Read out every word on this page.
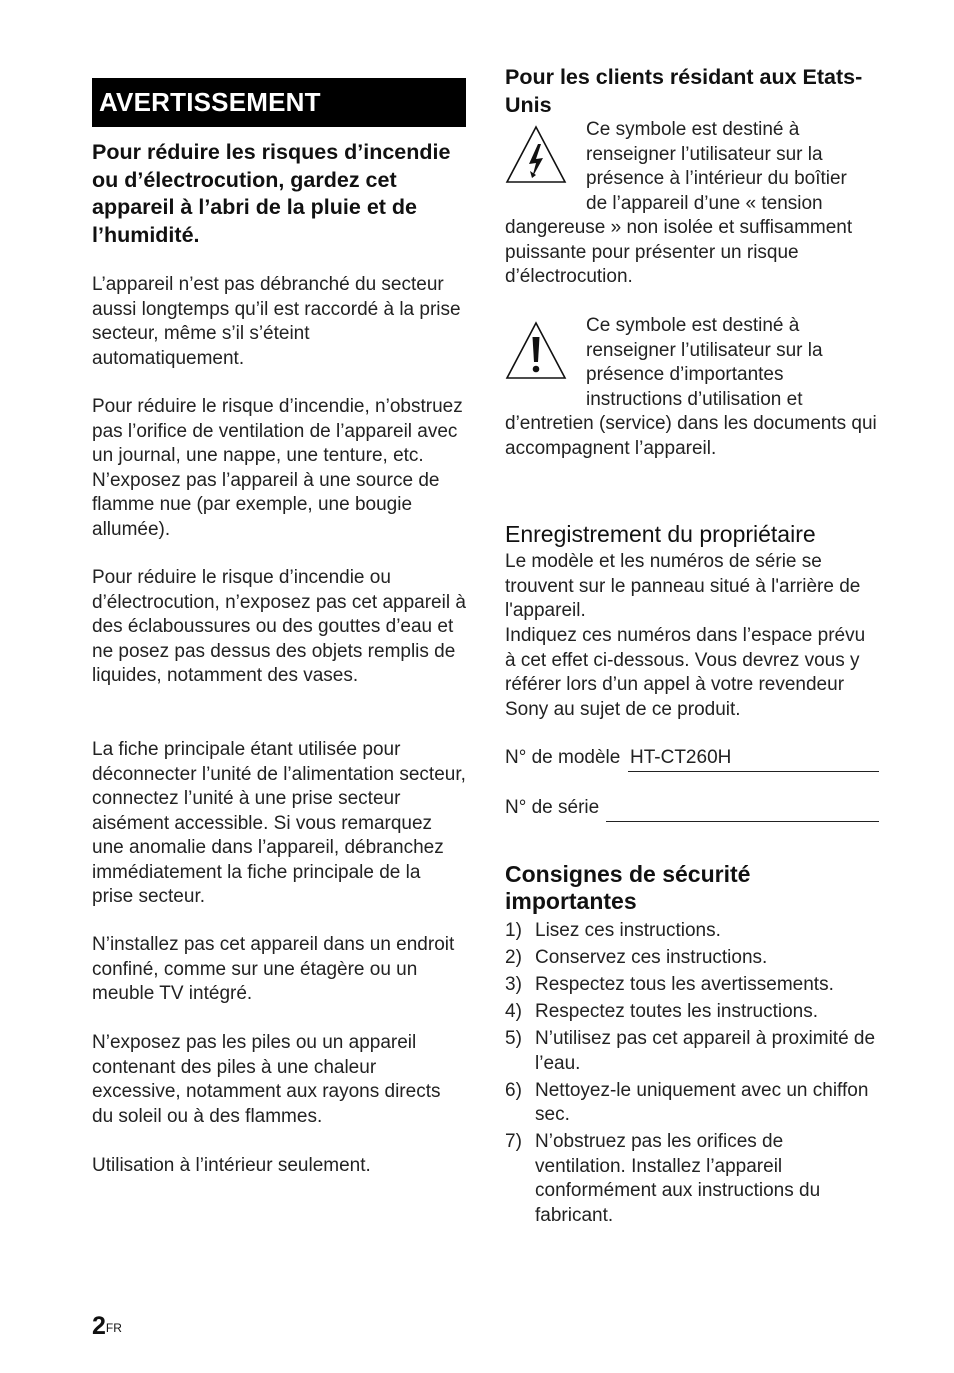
AVERTISSEMENT
Pour réduire les risques d’incendie ou d’électrocution, gardez cet appareil à l’abri de la pluie et de l’humidité.

L’appareil n’est pas débranché du secteur aussi longtemps qu’il est raccordé à la prise secteur, même s’il s’éteint automatiquement.

Pour réduire le risque d’incendie, n’obstruez pas l’orifice de ventilation de l’appareil avec un journal, une nappe, une tenture, etc. N’exposez pas l’appareil à une source de flamme nue (par exemple, une bougie allumée).

Pour réduire le risque d’incendie ou d’électrocution, n’exposez pas cet appareil à des éclaboussures ou des gouttes d’eau et ne posez pas dessus des objets remplis de liquides, notamment des vases.

La fiche principale étant utilisée pour déconnecter l’unité de l’alimentation secteur, connectez l’unité à une prise secteur aisément accessible. Si vous remarquez une anomalie dans l’appareil, débranchez immédiatement la fiche principale de la prise secteur.

N’installez pas cet appareil dans un endroit confiné, comme sur une étagère ou un meuble TV intégré.

N’exposez pas les piles ou un appareil contenant des piles à une chaleur excessive, notamment aux rayons directs du soleil ou à des flammes.

Utilisation à l’intérieur seulement.

Pour les clients résidant aux Etats-Unis
Ce symbole est destiné à
renseigner l’utilisateur sur la
présence à l’intérieur du boîtier
de l’appareil d’une « tension
dangereuse » non isolée et suffisamment puissante pour présenter un risque d’électrocution.
Ce symbole est destiné à
renseigner l’utilisateur sur la
présence d’importantes
instructions d’utilisation et
d’entretien (service) dans les documents qui accompagnent l’appareil.
Enregistrement du propriétaire

Le modèle et les numéros de série se trouvent sur le panneau situé à l'arrière de l'appareil.

Indiquez ces numéros dans l’espace prévu à cet effet ci-dessous. Vous devrez vous y référer lors d’un appel à votre revendeur Sony au sujet de ce produit.

N° de modèle HT-CT260H
N° de série
Consignes de sécurité importantes
1) Lisez ces instructions.
2) Conservez ces instructions.
3) Respectez tous les avertissements.
4) Respectez toutes les instructions.
5) N’utilisez pas cet appareil à proximité de l’eau.
6) Nettoyez-le uniquement avec un chiffon sec.
7) N’obstruez pas les orifices de ventilation. Installez l’appareil conformément aux instructions du fabricant.
$2^{FR}$
